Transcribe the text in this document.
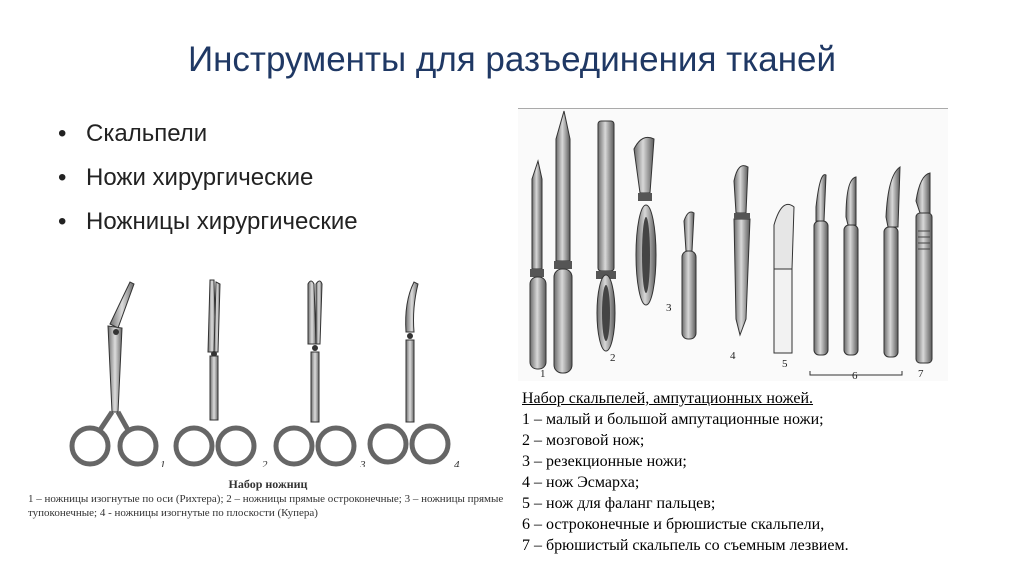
Инструменты для разъединения тканей
• Скальпели
• Ножи хирургические
• Ножницы хирургические
1
2
3
4
5
6	7
Набор скальпелей, ампутационных ножей.
1 – малый и большой ампутационные ножи;
2 – мозговой нож;
3 – резекционные ножи;
4 – нож Эсмарха;
5 – нож для фаланг пальцев;
6 – остроконечные и брюшистые скальпели,
7 – брюшистый скальпель со съемным лезвием.
1	2	3	4
Набор ножниц
1 – ножницы изогнутые по оси (Рихтера); 2 – ножницы прямые остроконечные; 3 – ножницы прямые тупоконечные; 4 - ножницы изогнутые по плоскости (Купера)
